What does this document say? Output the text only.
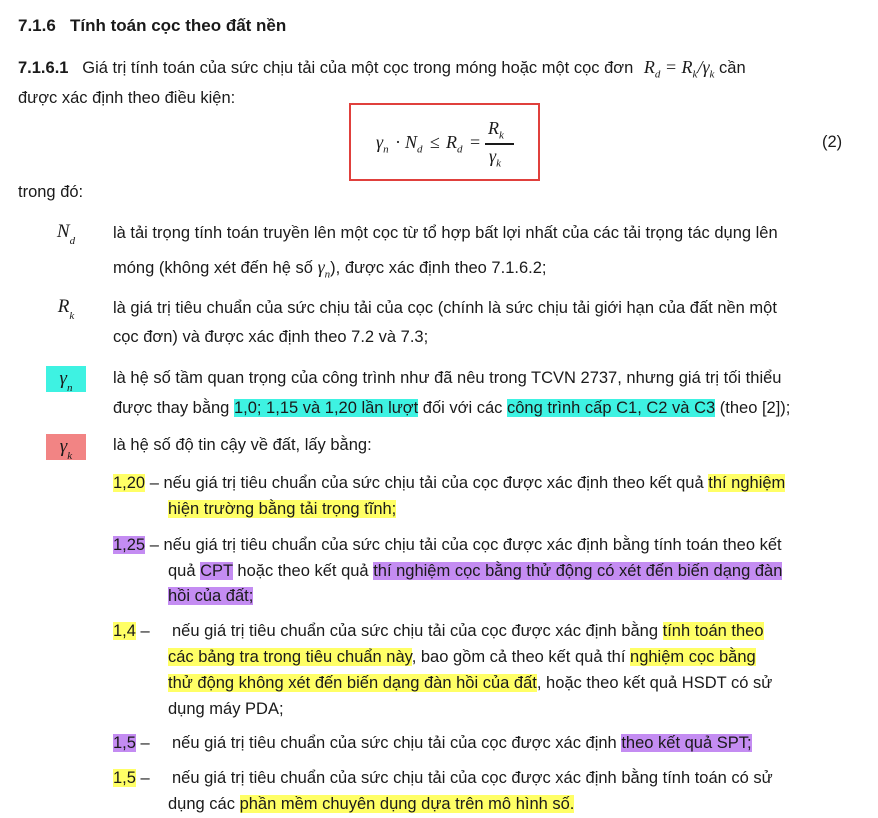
7.1.6 Tính toán cọc theo đất nền
7.1.6.1 Giá trị tính toán của sức chịu tải của một cọc trong móng hoặc một cọc đơn $R_d = R_k/\gamma_k$ cần
được xác định theo điều kiện:
$\gamma_n \cdot N_d \le R_d$ =
$R_k$
$\gamma_k$
(2)
trong đó:
$N_d$	là tải trọng tính toán truyền lên một cọc từ tổ hợp bất lợi nhất của các tải trọng tác dụng lên
móng (không xét đến hệ số $\gamma_n$), được xác định theo 7.1.6.2;
$R_k$	là giá trị tiêu chuẩn của sức chịu tải của cọc (chính là sức chịu tải giới hạn của đất nền một
cọc đơn) và được xác định theo 7.2 và 7.3;
$\gamma_n$
là hệ số tầm quan trọng của công trình như đã nêu trong TCVN 2737, nhưng giá trị tối thiểu
được thay bằng 1,0; 1,15 và 1,20 lần lượt đối với các công trình cấp C1, C2 và C3 (theo [2]);
$\gamma_k$
là hệ số độ tin cậy về đất, lấy bằng:
1,20 – nếu giá trị tiêu chuẩn của sức chịu tải của cọc được xác định theo kết quả thí nghiệm
hiện trường bằng tải trọng tĩnh;
1,25 – nếu giá trị tiêu chuẩn của sức chịu tải của cọc được xác định bằng tính toán theo kết
quả CPT hoặc theo kết quả thí nghiệm cọc bằng thử động có xét đến biến dạng đàn
hồi của đất;
1,4 – nếu giá trị tiêu chuẩn của sức chịu tải của cọc được xác định bằng tính toán theo
các bảng tra trong tiêu chuẩn này, bao gồm cả theo kết quả thí nghiệm cọc bằng
thử động không xét đến biến dạng đàn hồi của đất, hoặc theo kết quả HSDT có sử
dụng máy PDA;
1,5 – nếu giá trị tiêu chuẩn của sức chịu tải của cọc được xác định theo kết quả SPT;
1,5 – nếu giá trị tiêu chuẩn của sức chịu tải của cọc được xác định bằng tính toán có sử
dụng các phần mềm chuyên dụng dựa trên mô hình số.
